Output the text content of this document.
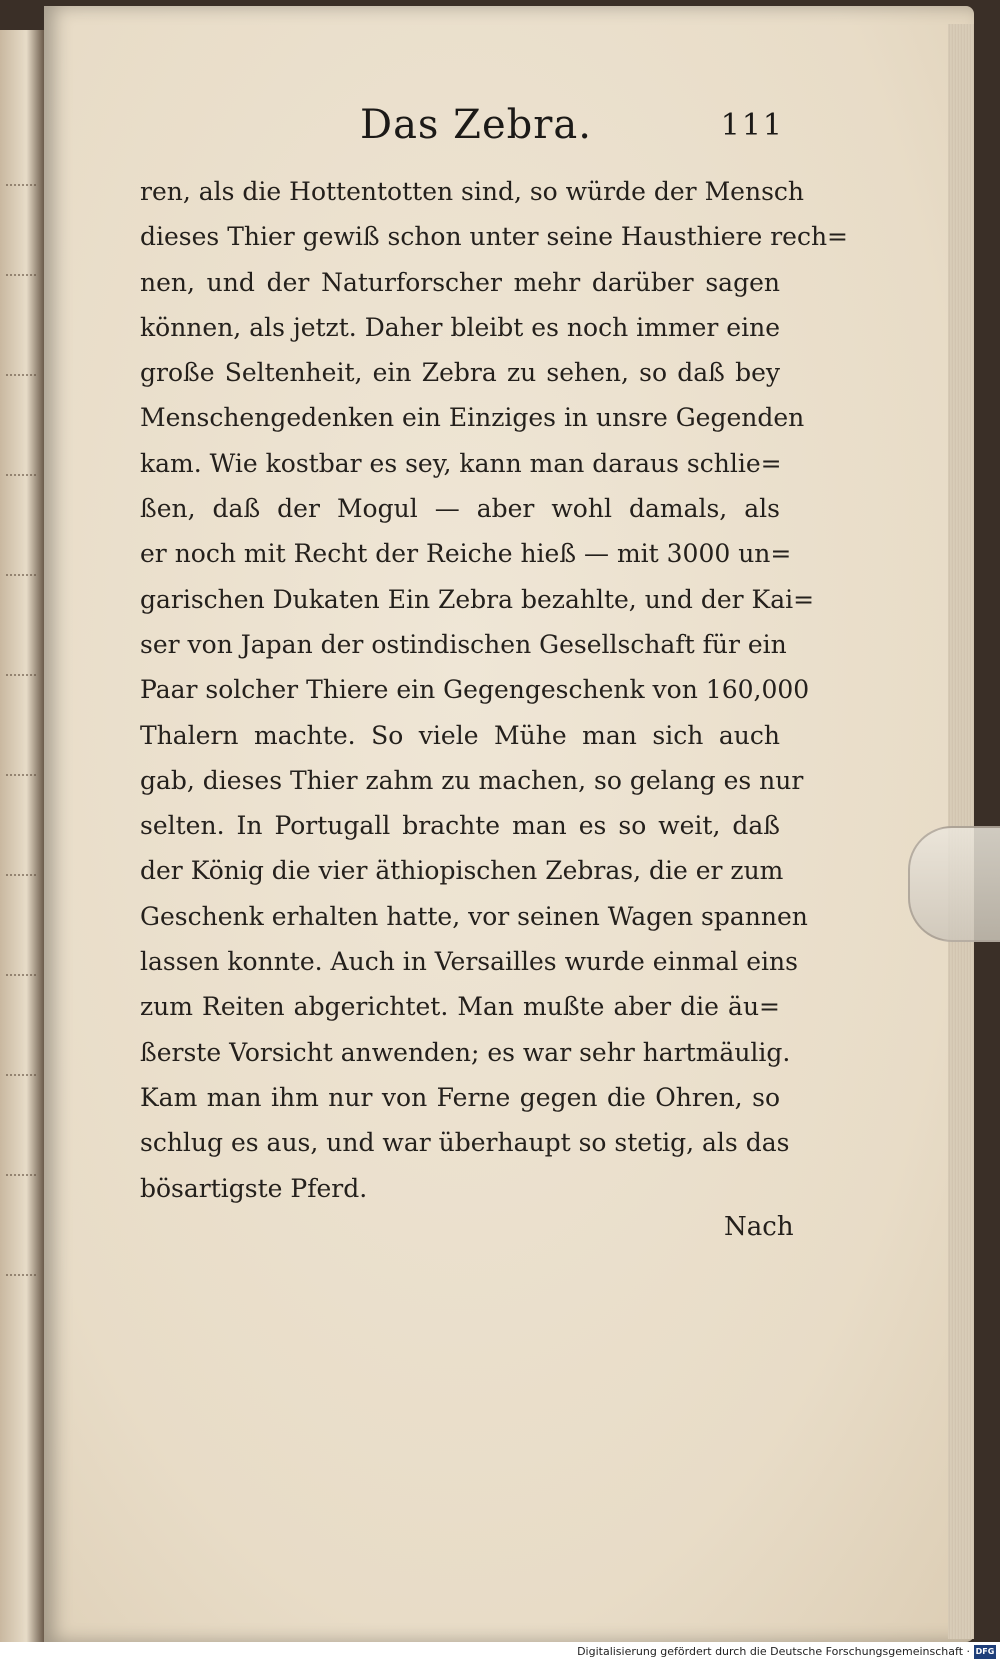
Das Zebra.	111
ren, als die Hottentotten sind, so würde der Mensch
dieses Thier gewiß schon unter seine Hausthiere rech=
nen, und der Naturforscher mehr darüber sagen
können, als jetzt. Daher bleibt es noch immer eine
große Seltenheit, ein Zebra zu sehen, so daß bey
Menschengedenken ein Einziges in unsre Gegenden
kam. Wie kostbar es sey, kann man daraus schlie=
ßen, daß der Mogul — aber wohl damals, als
er noch mit Recht der Reiche hieß — mit 3000 un=
garischen Dukaten Ein Zebra bezahlte, und der Kai=
ser von Japan der ostindischen Gesellschaft für ein
Paar solcher Thiere ein Gegengeschenk von 160,000
Thalern machte. So viele Mühe man sich auch
gab, dieses Thier zahm zu machen, so gelang es nur
selten. In Portugall brachte man es so weit, daß
der König die vier äthiopischen Zebras, die er zum
Geschenk erhalten hatte, vor seinen Wagen spannen
lassen konnte. Auch in Versailles wurde einmal eins
zum Reiten abgerichtet. Man mußte aber die äu=
ßerste Vorsicht anwenden; es war sehr hartmäulig.
Kam man ihm nur von Ferne gegen die Ohren, so
schlug es aus, und war überhaupt so stetig, als das
bösartigste Pferd.
Nach
Digitalisierung gefördert durch die Deutsche Forschungsgemeinschaft · DFG
